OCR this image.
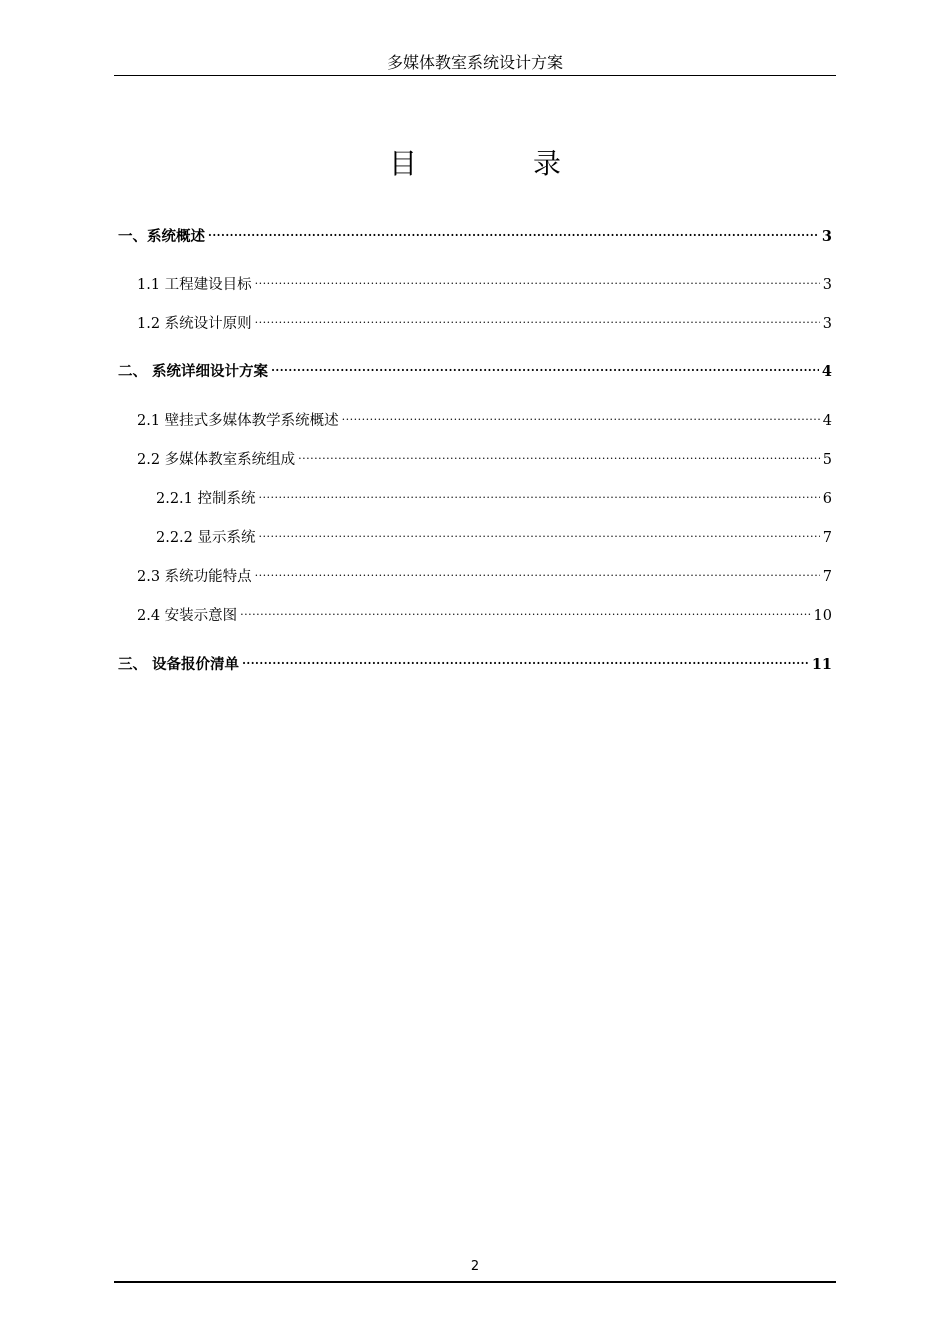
多媒体教室系统设计方案
目	录
一、系统概述 .....	3
1.1 工程建设目标 .....	3
1.2 系统设计原则 .....	3
二、 系统详细设计方案 .....	4
2.1 壁挂式多媒体教学系统概述 .....	4
2.2 多媒体教室系统组成 .....	5
2.2.1 控制系统 .....	6
2.2.2 显示系统 .....	7
2.3 系统功能特点 .....	7
2.4 安装示意图 .....	10
三、 设备报价清单 .....	11
2
